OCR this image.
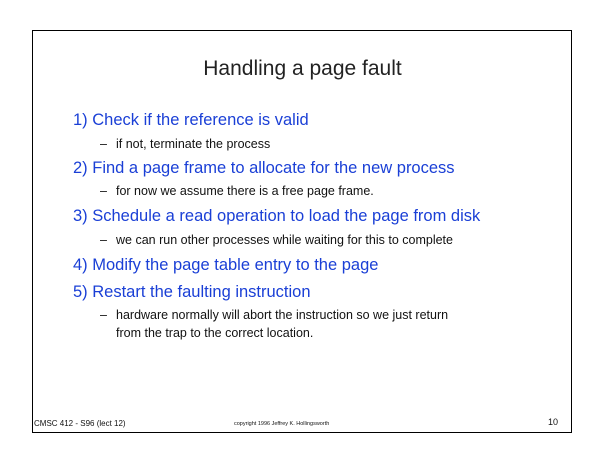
Handling a page fault
1) Check if the reference is valid
– if not, terminate the process
2) Find a page frame to allocate for the new process
– for now we assume there is a free page frame.
3) Schedule a read operation to load the page from disk
– we can run other processes while waiting for this to complete
4) Modify the page table entry to the page
5) Restart the faulting instruction
– hardware normally will abort the instruction so we just return
from the trap to the correct location.
CMSC 412 - S96 (lect 12)	copyright 1996 Jeffrey K. Hollingsworth	10
